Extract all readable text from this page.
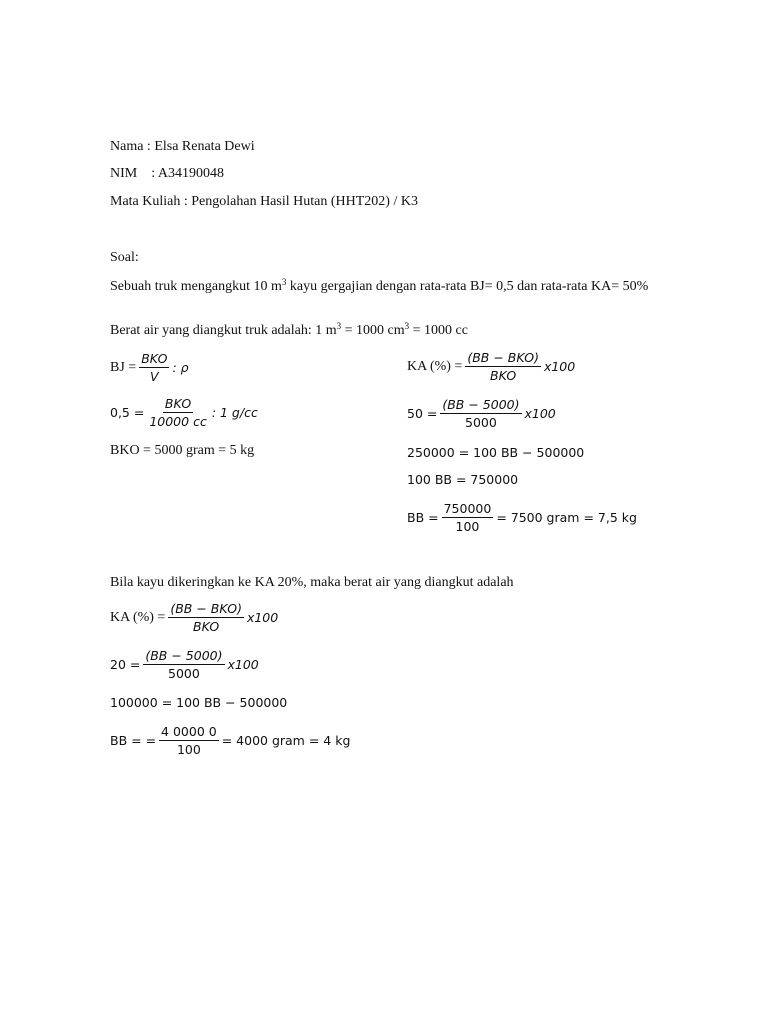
Nama : Elsa Renata Dewi
NIM    : A34190048
Mata Kuliah : Pengolahan Hasil Hutan (HHT202) / K3
Soal:
Sebuah truk mengangkut 10 $m^3$ kayu gergajian dengan rata-rata BJ= 0,5 dan rata-rata KA= 50%
Berat air yang diangkut truk adalah: 1 $m^3 = 1000$ $cm^3 = 1000$ cc
BJ = $\frac{\text{BKO}}{V}$ : ρ
$0,5 = \frac{\text{BKO}}{10000 cc}$ : 1 g/cc
BKO = 5000 gram = 5 kg
KA (%) = $\frac{\text{(BB − BKO)}}{\text{BKO}} x100$
$50 = \frac{(BB - 5000)}{5000} x100$
250000 = 100 BB − 500000
100 BB = 750000
BB = $\frac{750000}{100} = 7500$ gram = 7,5 kg
Bila kayu dikeringkan ke KA 20%, maka berat air yang diangkut adalah
KA (%) = $\frac{\text{(BB − BKO)}}{\text{BKO}} x100$
$20 = \frac{(BB - 5000)}{5000} x100$
100000 = 100 BB − 500000
BB = = $\frac{4 0000 0}{100} = 4000$ gram = 4 kg
